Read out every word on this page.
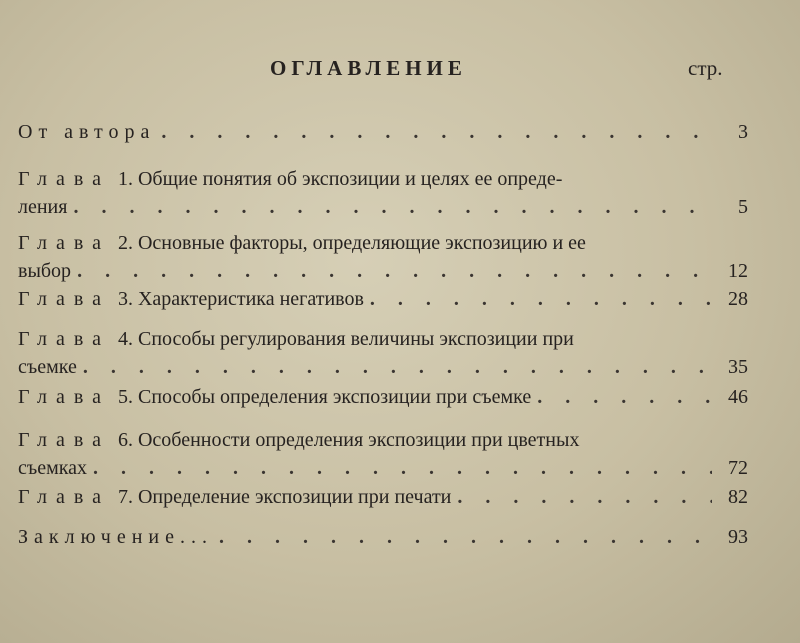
ОГЛАВЛЕНИЕ	стр.
От автора . . .	3
Глава 1. Общие понятия об экспозиции и целях ее опреде-
ления . . .	5
Глава 2. Основные факторы, определяющие экспозицию и ее
выбор . . .	12
Глава 3. Характеристика негативов . . .	28
Глава 4. Способы регулирования величины экспозиции при
съемке . . .	35
Глава 5. Способы определения экспозиции при съемке . . .	46
Глава 6. Особенности определения экспозиции при цветных
съемках . . .	72
Глава 7. Определение экспозиции при печати . . .	82
Заключение... . . .	93
